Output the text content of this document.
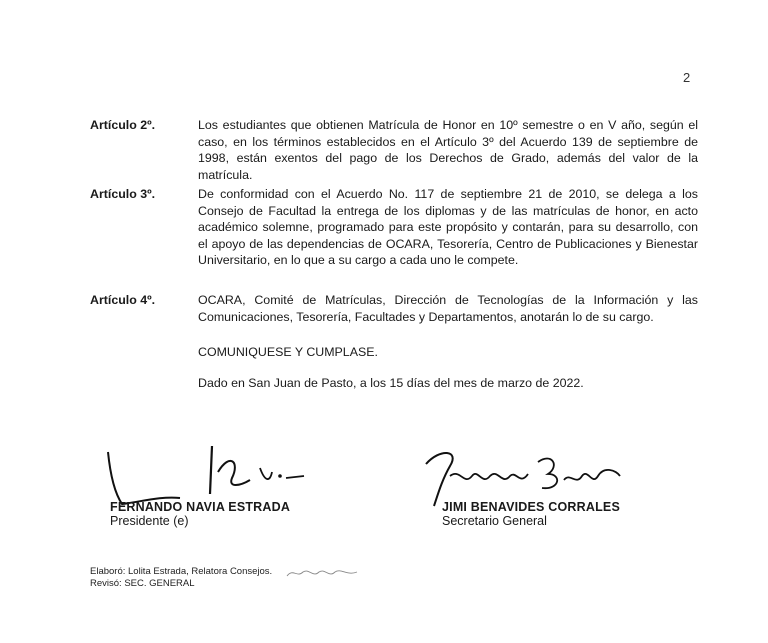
2
Artículo 2º.	Los estudiantes que obtienen Matrícula de Honor en 10º semestre o en V año, según el caso, en los términos establecidos en el Artículo 3º del Acuerdo 139 de septiembre de 1998, están exentos del pago de los Derechos de Grado, además del valor de la matrícula.
Artículo 3º.	De conformidad con el Acuerdo No. 117 de septiembre 21 de 2010, se delega a los Consejo de Facultad la entrega de los diplomas y de las matrículas de honor, en acto académico solemne, programado para este propósito y contarán, para su desarrollo, con el apoyo de las dependencias de OCARA, Tesorería, Centro de Publicaciones y Bienestar Universitario, en lo que a su cargo a cada uno le compete.
Artículo 4º.	OCARA, Comité de Matrículas, Dirección de Tecnologías de la Información y las Comunicaciones, Tesorería, Facultades y Departamentos, anotarán lo de su cargo.
COMUNIQUESE Y CUMPLASE.
Dado en San Juan de Pasto, a los 15 días del mes de marzo de 2022.
FERNANDO NAVIA ESTRADA
Presidente (e)
JIMI BENAVIDES CORRALES
Secretario General
Elaboró: Lolita Estrada, Relatora Consejos.
Revisó: SEC. GENERAL
